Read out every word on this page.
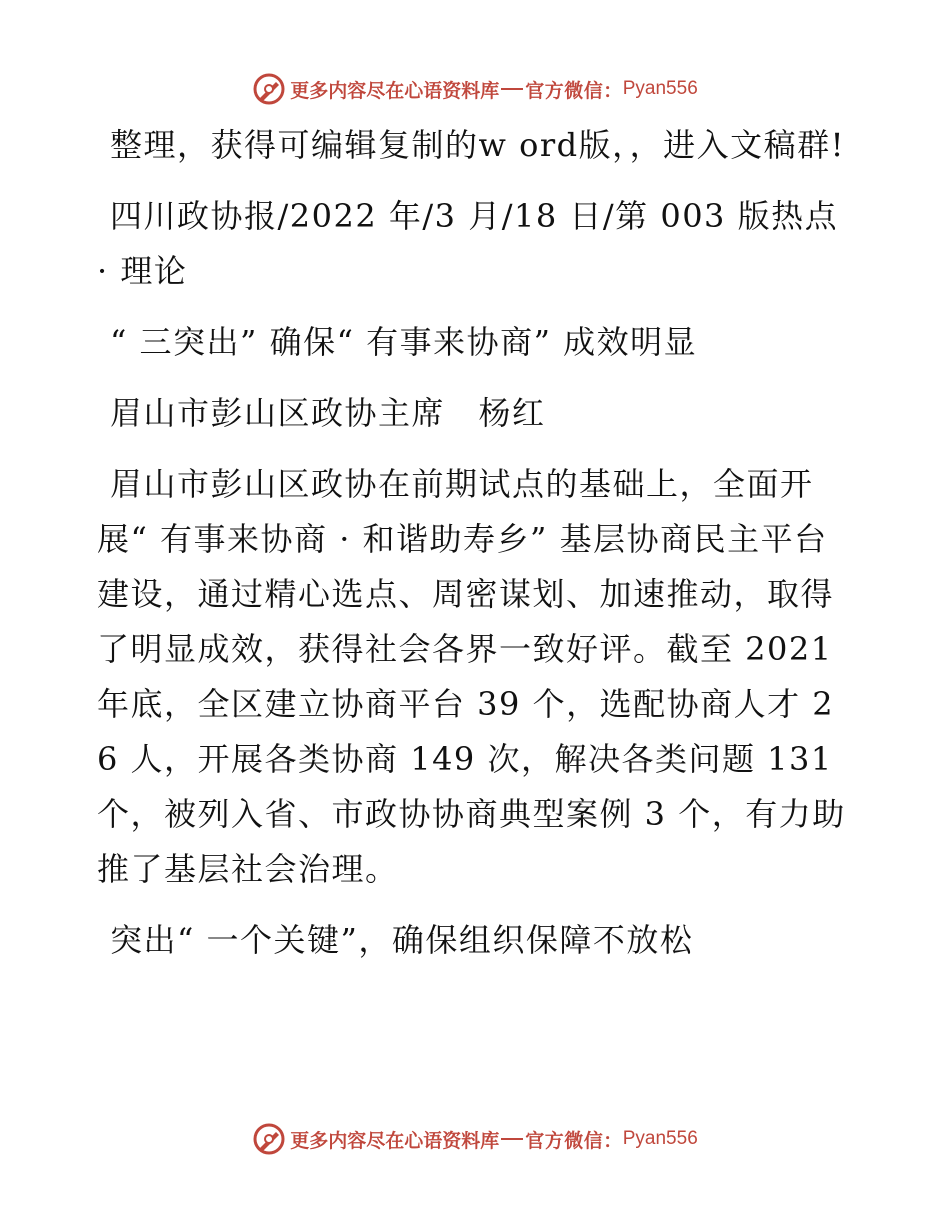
更多内容尽在心语资料库 官方微信： Pyan556

整理，获得可编辑复制的w ord版，，进入文稿群!

四川政协报/2022 年/3 月/18 日/第 003 版热点 · 理论

“ 三突出” 确保“ 有事来协商” 成效明显

眉山市彭山区政协主席　杨红

眉山市彭山区政协在前期试点的基础上，全面开展“ 有事来协商 · 和谐助寿乡” 基层协商民主平台建设，通过精心选点、周密谋划、加速推动，取得了明显成效，获得社会各界一致好评。截至 2021 年底，全区建立协商平台 39 个，选配协商人才 26 人，开展各类协商 149 次，解决各类问题 131 个，被列入省、市政协协商典型案例 3 个，有力助推了基层社会治理。

突出“ 一个关键”，确保组织保障不放松

更多内容尽在心语资料库 官方微信： Pyan556
